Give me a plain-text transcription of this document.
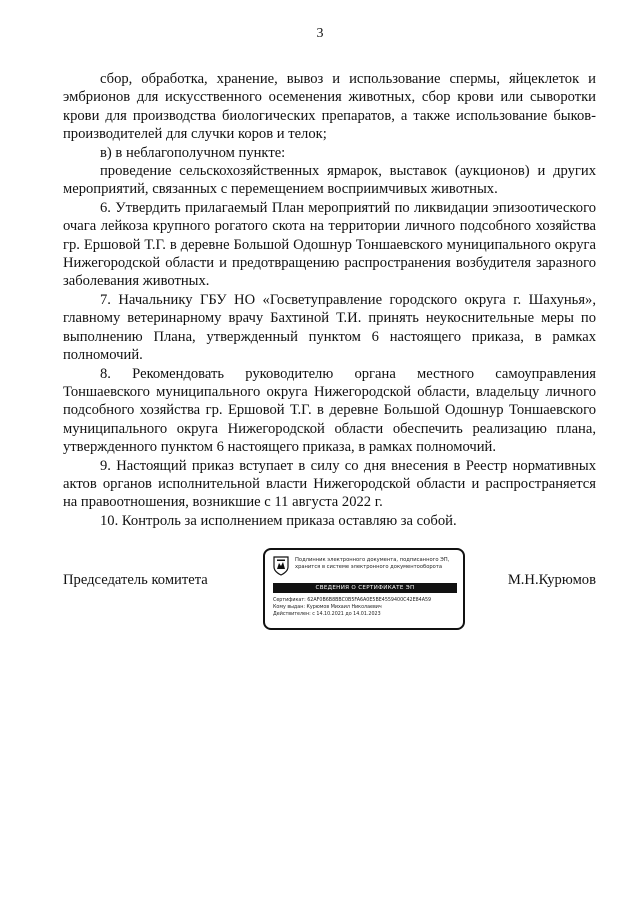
3

сбор, обработка, хранение, вывоз и использование спермы, яйцеклеток и эмбрионов для искусственного осеменения животных, сбор крови или сыворотки крови для производства биологических препаратов, а также использование быков-производителей для случки коров и телок;

в) в неблагополучном пункте:

проведение сельскохозяйственных ярмарок, выставок (аукционов) и других мероприятий, связанных с перемещением восприимчивых животных.

6. Утвердить прилагаемый План мероприятий по ликвидации эпизоотического очага лейкоза крупного рогатого скота на территории личного подсобного хозяйства гр. Ершовой Т.Г. в деревне Большой Одошнур Тоншаевского муниципального округа Нижегородской области и предотвращению распространения возбудителя заразного заболевания животных.

7. Начальнику ГБУ НО «Госветуправление городского округа г. Шахунья», главному ветеринарному врачу Бахтиной Т.И. принять неукоснительные меры по выполнению Плана, утвержденный пунктом 6 настоящего приказа, в рамках полномочий.

8. Рекомендовать руководителю органа местного самоуправления Тоншаевского муниципального округа Нижегородской области, владельцу личного подсобного хозяйства гр. Ершовой Т.Г. в деревне Большой Одошнур Тоншаевского муниципального округа Нижегородской области обеспечить реализацию плана, утвержденного пунктом 6 настоящего приказа, в рамках полномочий.

9. Настоящий приказ вступает в силу со дня внесения в Реестр нормативных актов органов исполнительной власти Нижегородской области и распространяется на правоотношения, возникшие с 11 августа 2022 г.

10. Контроль за исполнением приказа оставляю за собой.

Председатель комитета	М.Н.Курюмов
Подлинник электронного документа, подписанного ЭП,
хранится в системе электронного документооборота
СВЕДЕНИЯ О СЕРТИФИКАТЕ ЭП
Сертификат: 62AF0B6B8BBC0B5FA6A0E5BE4559400C42E84A59
Кому выдан: Курюмов Михаил Николаевич
Действителен: с 14.10.2021 до 14.01.2023
